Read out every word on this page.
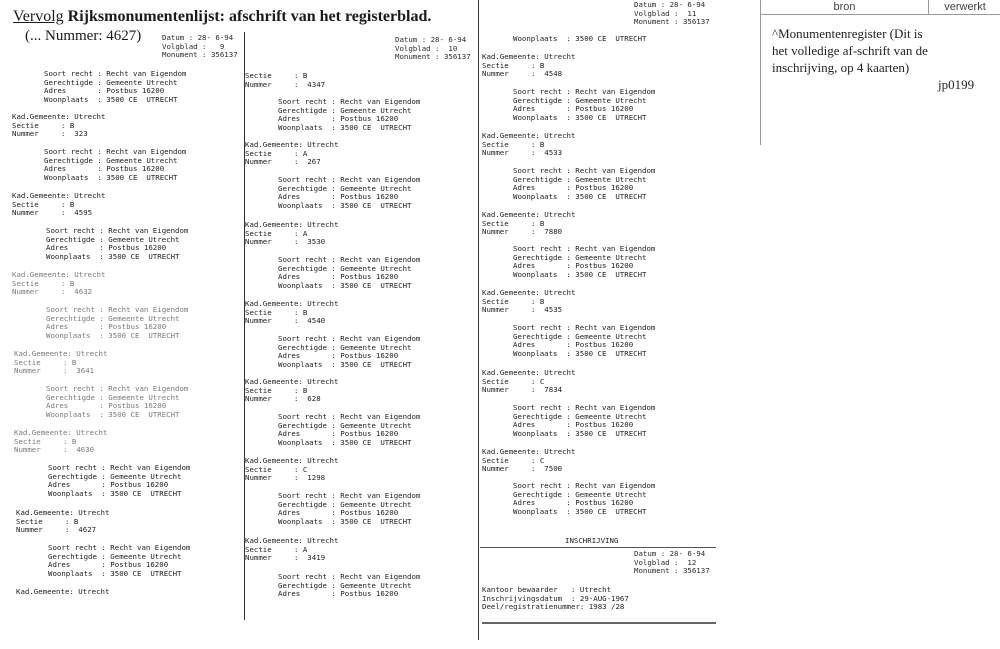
Vervolg Rijksmonumentenlijst: afschrift van het registerblad.
(... Nummer: 4627)	Datum : 28- 6-94
Volgblad :   9
Monument : 356137
Datum : 28- 6-94
Volgblad :  10
Monument : 356137
Datum : 28- 6-94
Volgblad :  11
Monument : 356137
Datum : 28- 6-94
Volgblad :  12
Monument : 356137
Soort recht : Recht van Eigendom
Gerechtigde : Gemeente Utrecht
Adres       : Postbus 16200
Woonplaats  : 3500 CE  UTRECHT
Kad.Gemeente: Utrecht
Sectie     : B
Nummer     :  323
Soort recht : Recht van Eigendom
Gerechtigde : Gemeente Utrecht
Adres       : Postbus 16200
Woonplaats  : 3500 CE  UTRECHT
Kad.Gemeente: Utrecht
Sectie     : B
Nummer     :  4595
Soort recht : Recht van Eigendom
Gerechtigde : Gemeente Utrecht
Adres       : Postbus 16200
Woonplaats  : 3500 CE  UTRECHT
Kad.Gemeente: Utrecht
Sectie     : B
Nummer     :  4632
Soort recht : Recht van Eigendom
Gerechtigde : Gemeente Utrecht
Adres       : Postbus 16200
Woonplaats  : 3500 CE  UTRECHT
Kad.Gemeente: Utrecht
Sectie     : B
Nummer     :  3641
Soort recht : Recht van Eigendom
Gerechtigde : Gemeente Utrecht
Adres       : Postbus 16200
Woonplaats  : 3500 CE  UTRECHT
Kad.Gemeente: Utrecht
Sectie     : B
Nummer     :  4630
Soort recht : Recht van Eigendom
Gerechtigde : Gemeente Utrecht
Adres       : Postbus 16200
Woonplaats  : 3500 CE  UTRECHT
Kad.Gemeente: Utrecht
Sectie     : B
Nummer     :  4627
Soort recht : Recht van Eigendom
Gerechtigde : Gemeente Utrecht
Adres       : Postbus 16200
Woonplaats  : 3500 CE  UTRECHT
Kad.Gemeente: Utrecht
Sectie     : B
Nummer     :  4347
Soort recht : Recht van Eigendom
Gerechtigde : Gemeente Utrecht
Adres       : Postbus 16200
Woonplaats  : 3500 CE  UTRECHT
Kad.Gemeente: Utrecht
Sectie     : A
Nummer     :  267
Soort recht : Recht van Eigendom
Gerechtigde : Gemeente Utrecht
Adres       : Postbus 16200
Woonplaats  : 3500 CE  UTRECHT
Kad.Gemeente: Utrecht
Sectie     : A
Nummer     :  3530
Soort recht : Recht van Eigendom
Gerechtigde : Gemeente Utrecht
Adres       : Postbus 16200
Woonplaats  : 3500 CE  UTRECHT
Kad.Gemeente: Utrecht
Sectie     : B
Nummer     :  4540
Soort recht : Recht van Eigendom
Gerechtigde : Gemeente Utrecht
Adres       : Postbus 16200
Woonplaats  : 3500 CE  UTRECHT
Kad.Gemeente: Utrecht
Sectie     : B
Nummer     :  628
Soort recht : Recht van Eigendom
Gerechtigde : Gemeente Utrecht
Adres       : Postbus 16200
Woonplaats  : 3500 CE  UTRECHT
Kad.Gemeente: Utrecht
Sectie     : C
Nummer     :  1298
Soort recht : Recht van Eigendom
Gerechtigde : Gemeente Utrecht
Adres       : Postbus 16200
Woonplaats  : 3500 CE  UTRECHT
Kad.Gemeente: Utrecht
Sectie     : A
Nummer     :  3419
Soort recht : Recht van Eigendom
Gerechtigde : Gemeente Utrecht
Adres       : Postbus 16200
Woonplaats  : 3500 CE  UTRECHT
Kad.Gemeente: Utrecht
Sectie     : B
Nummer     :  4548
Soort recht : Recht van Eigendom
Gerechtigde : Gemeente Utrecht
Adres       : Postbus 16200
Woonplaats  : 3500 CE  UTRECHT
Kad.Gemeente: Utrecht
Sectie     : B
Nummer     :  4533
Soort recht : Recht van Eigendom
Gerechtigde : Gemeente Utrecht
Adres       : Postbus 16200
Woonplaats  : 3500 CE  UTRECHT
Kad.Gemeente: Utrecht
Sectie     : B
Nummer     :  7880
Soort recht : Recht van Eigendom
Gerechtigde : Gemeente Utrecht
Adres       : Postbus 16200
Woonplaats  : 3500 CE  UTRECHT
Kad.Gemeente: Utrecht
Sectie     : B
Nummer     :  4535
Soort recht : Recht van Eigendom
Gerechtigde : Gemeente Utrecht
Adres       : Postbus 16200
Woonplaats  : 3500 CE  UTRECHT
Kad.Gemeente: Utrecht
Sectie     : C
Nummer     :  7834
Soort recht : Recht van Eigendom
Gerechtigde : Gemeente Utrecht
Adres       : Postbus 16200
Woonplaats  : 3500 CE  UTRECHT
Kad.Gemeente: Utrecht
Sectie     : C
Nummer     :  7500
Soort recht : Recht van Eigendom
Gerechtigde : Gemeente Utrecht
Adres       : Postbus 16200
Woonplaats  : 3500 CE  UTRECHT
INSCHRIJVING
Kantoor bewaarder   : Utrecht
Inschrijvingsdatum  : 29-AUG-1967
Deel/registratienummer: 1983 /28
bron	verwerkt
^Monumentenregister (Dit is het volledige af-schrift van de inschrijving, op 4 kaarten)
jp0199
